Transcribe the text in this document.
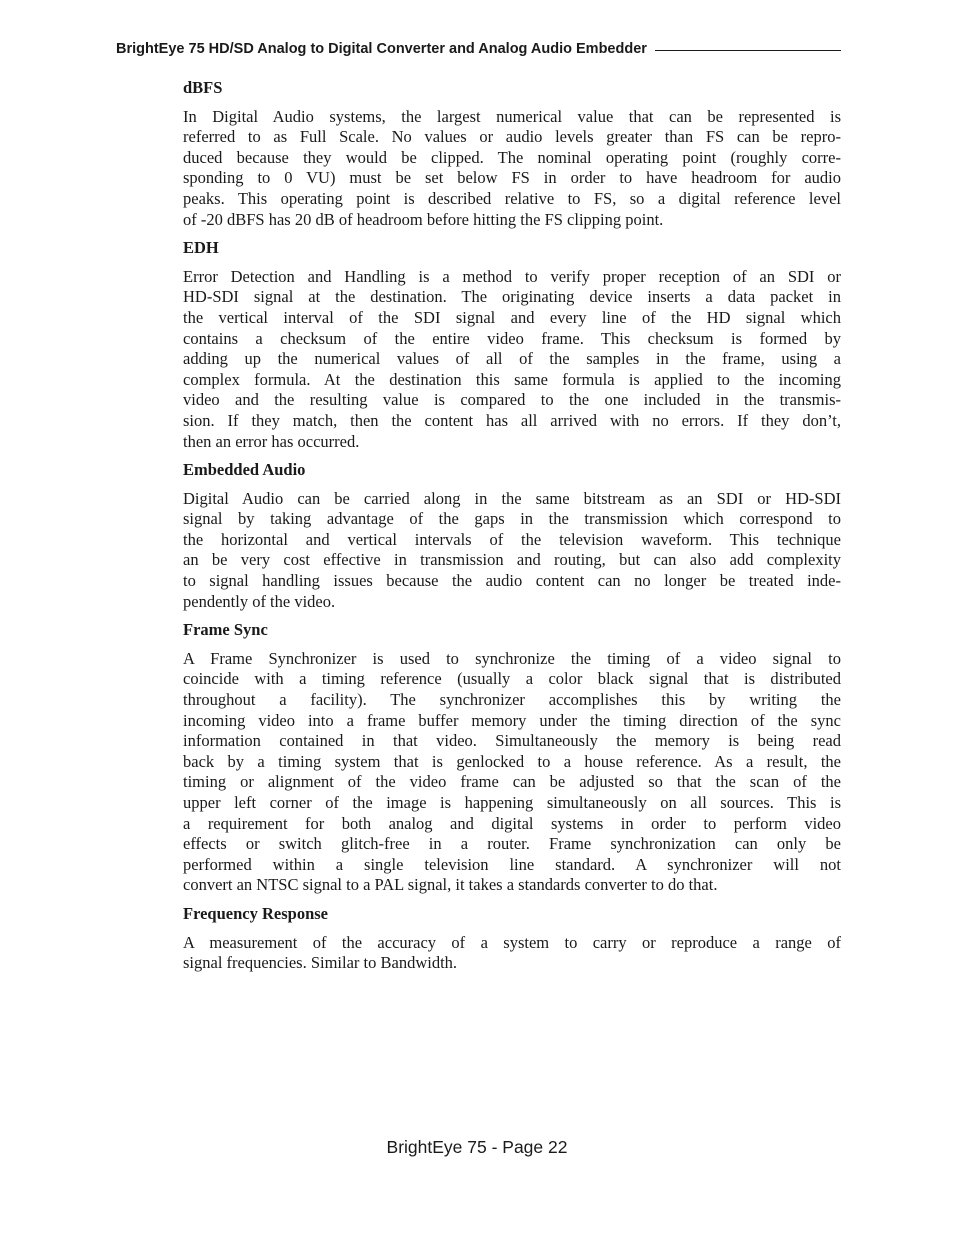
BrightEye 75 HD/SD Analog to Digital Converter and Analog Audio Embedder
dBFS
In Digital Audio systems, the largest numerical value that can be represented is
referred to as Full Scale. No values or audio levels greater than FS can be repro-
duced because they would be clipped. The nominal operating point (roughly corre-
sponding to 0 VU) must be set below FS in order to have headroom for audio
peaks. This operating point is described relative to FS, so a digital reference level
of -20 dBFS has 20 dB of headroom before hitting the FS clipping point.
EDH
Error Detection and Handling is a method to verify proper reception of an SDI or
HD-SDI signal at the destination. The originating device inserts a data packet in
the vertical interval of the SDI signal and every line of the HD signal which
contains a checksum of the entire video frame. This checksum is formed by
adding up the numerical values of all of the samples in the frame, using a
complex formula. At the destination this same formula is applied to the incoming
video and the resulting value is compared to the one included in the transmis-
sion. If they match, then the content has all arrived with no errors. If they don’t,
then an error has occurred.
Embedded Audio
Digital Audio can be carried along in the same bitstream as an SDI or HD-SDI
signal by taking advantage of the gaps in the transmission which correspond to
the horizontal and vertical intervals of the television waveform. This technique
an be very cost effective in transmission and routing, but can also add complexity
to signal handling issues because the audio content can no longer be treated inde-
pendently of the video.
Frame Sync
A Frame Synchronizer is used to synchronize the timing of a video signal to
coincide with a timing reference (usually a color black signal that is distributed
throughout a facility). The synchronizer accomplishes this by writing the
incoming video into a frame buffer memory under the timing direction of the sync
information contained in that video. Simultaneously the memory is being read
back by a timing system that is genlocked to a house reference. As a result, the
timing or alignment of the video frame can be adjusted so that the scan of the
upper left corner of the image is happening simultaneously on all sources. This is
a requirement for both analog and digital systems in order to perform video
effects or switch glitch-free in a router. Frame synchronization can only be
performed within a single television line standard. A synchronizer will not
convert an NTSC signal to a PAL signal, it takes a standards converter to do that.
Frequency Response
A measurement of the accuracy of a system to carry or reproduce a range of
signal frequencies. Similar to Bandwidth.
BrightEye 75 - Page 22
